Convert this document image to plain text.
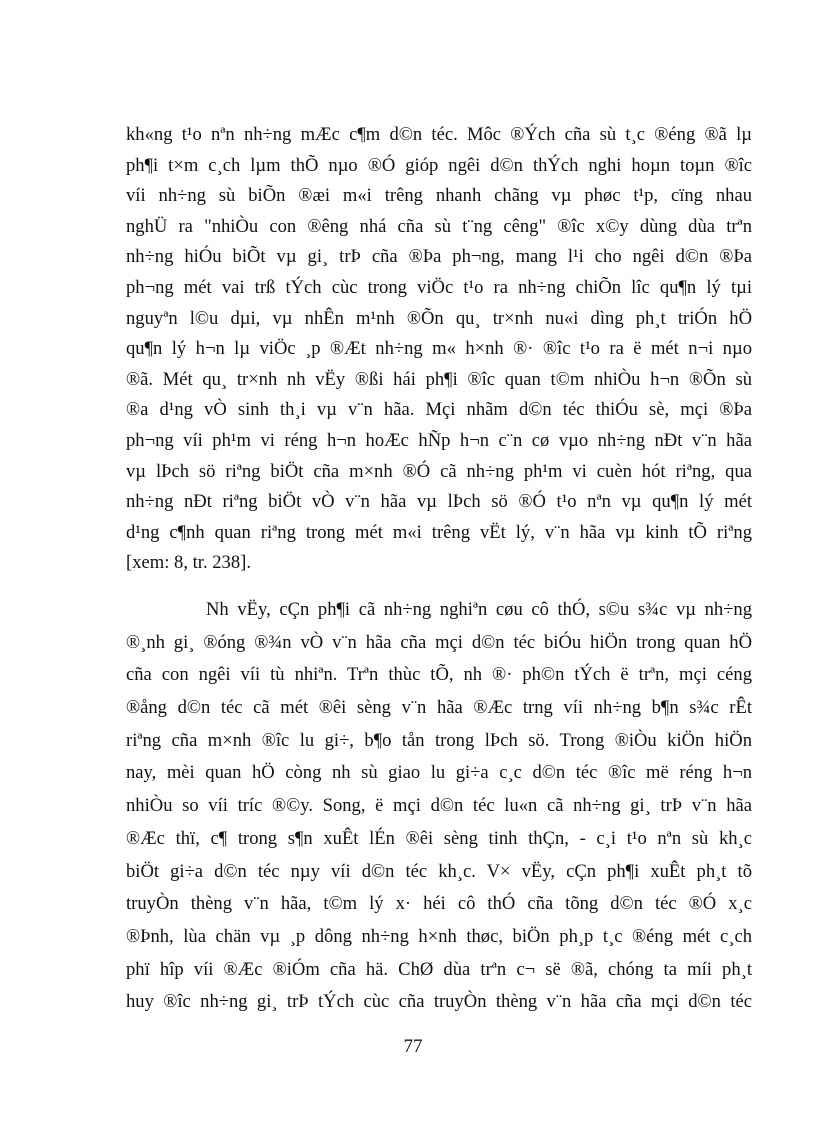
kh«ng t¹o nªn nh÷ng mÆc c¶m d©n téc. Môc ®Ých cña sù t¸c ®éng ®ã lµ
ph¶i t×m c¸ch lµm thÕ nµo ®Ó gióp ngêi d©n thÝch nghi hoµn toµn ®îc
víi nh÷ng sù biÕn ®æi m«i trêng nhanh chãng vµ phøc t¹p, cïng nhau
nghÜ ra "nhiÒu con ®êng nhá cña sù t¨ng cêng" ®îc x©y dùng dùa trªn
nh÷ng hiÓu biÕt vµ gi¸ trÞ cña ®Þa ph¬ng, mang l¹i cho ngêi d©n ®Þa
ph¬ng mét vai trß tÝch cùc trong viÖc t¹o ra nh÷ng chiÕn lîc qu¶n lý tµi
nguyªn l©u dµi, vµ nhÊn m¹nh ®Õn qu¸ tr×nh nu«i dìng ph¸t triÓn hÖ
qu¶n lý h¬n lµ viÖc ¸p ®Æt nh÷ng m« h×nh ®· ®îc t¹o ra ë mét n¬i nµo
®ã. Mét qu¸ tr×nh nh vËy ®ßi hái ph¶i ®îc quan t©m nhiÒu h¬n ®Õn sù
®a d¹ng vÒ sinh th¸i vµ v¨n hãa. Mçi nhãm d©n téc thiÓu sè, mçi ®Þa
ph¬ng víi ph¹m vi réng h¬n hoÆc hÑp h¬n c¨n cø vµo nh÷ng nÐt v¨n hãa
vµ lÞch sö riªng biÖt cña m×nh ®Ó cã nh÷ng ph¹m vi cuèn hót riªng, qua
nh÷ng nÐt riªng biÖt vÒ v¨n hãa vµ lÞch sö ®Ó t¹o nªn vµ qu¶n lý mét
d¹ng c¶nh quan riªng trong mét m«i trêng vËt lý, v¨n hãa vµ kinh tÕ riªng
[xem: 8, tr. 238].
Nh vËy, cÇn ph¶i cã nh÷ng nghiªn cøu cô thÓ, s©u s¾c vµ nh÷ng
®¸nh gi¸ ®óng ®¾n vÒ v¨n hãa cña mçi d©n téc biÓu hiÖn trong quan hÖ
cña con ngêi víi tù nhiªn. Trªn thùc tÕ, nh ®· ph©n tÝch ë trªn, mçi céng
®ång d©n téc cã mét ®êi sèng v¨n hãa ®Æc trng víi nh÷ng b¶n s¾c rÊt
riªng cña m×nh ®îc lu gi÷, b¶o tån trong lÞch sö. Trong ®iÒu kiÖn hiÖn
nay, mèi quan hÖ còng nh sù giao lu gi÷a c¸c d©n téc ®îc më réng h¬n
nhiÒu so víi tríc ®©y. Song, ë mçi d©n téc lu«n cã nh÷ng gi¸ trÞ v¨n hãa
®Æc thï, c¶ trong s¶n xuÊt lÉn ®êi sèng tinh thÇn, - c¸i t¹o nªn sù kh¸c
biÖt gi÷a d©n téc nµy víi d©n téc kh¸c. V× vËy, cÇn ph¶i xuÊt ph¸t tõ
truyÒn thèng v¨n hãa, t©m lý x· héi cô thÓ cña tõng d©n téc ®Ó x¸c
®Þnh, lùa chän vµ ¸p dông nh÷ng h×nh thøc, biÖn ph¸p t¸c ®éng mét c¸ch
phï hîp víi ®Æc ®iÓm cña hä. ChØ dùa trªn c¬ së ®ã, chóng ta míi ph¸t
huy ®îc nh÷ng gi¸ trÞ tÝch cùc cña truyÒn thèng v¨n hãa cña mçi d©n téc
77
